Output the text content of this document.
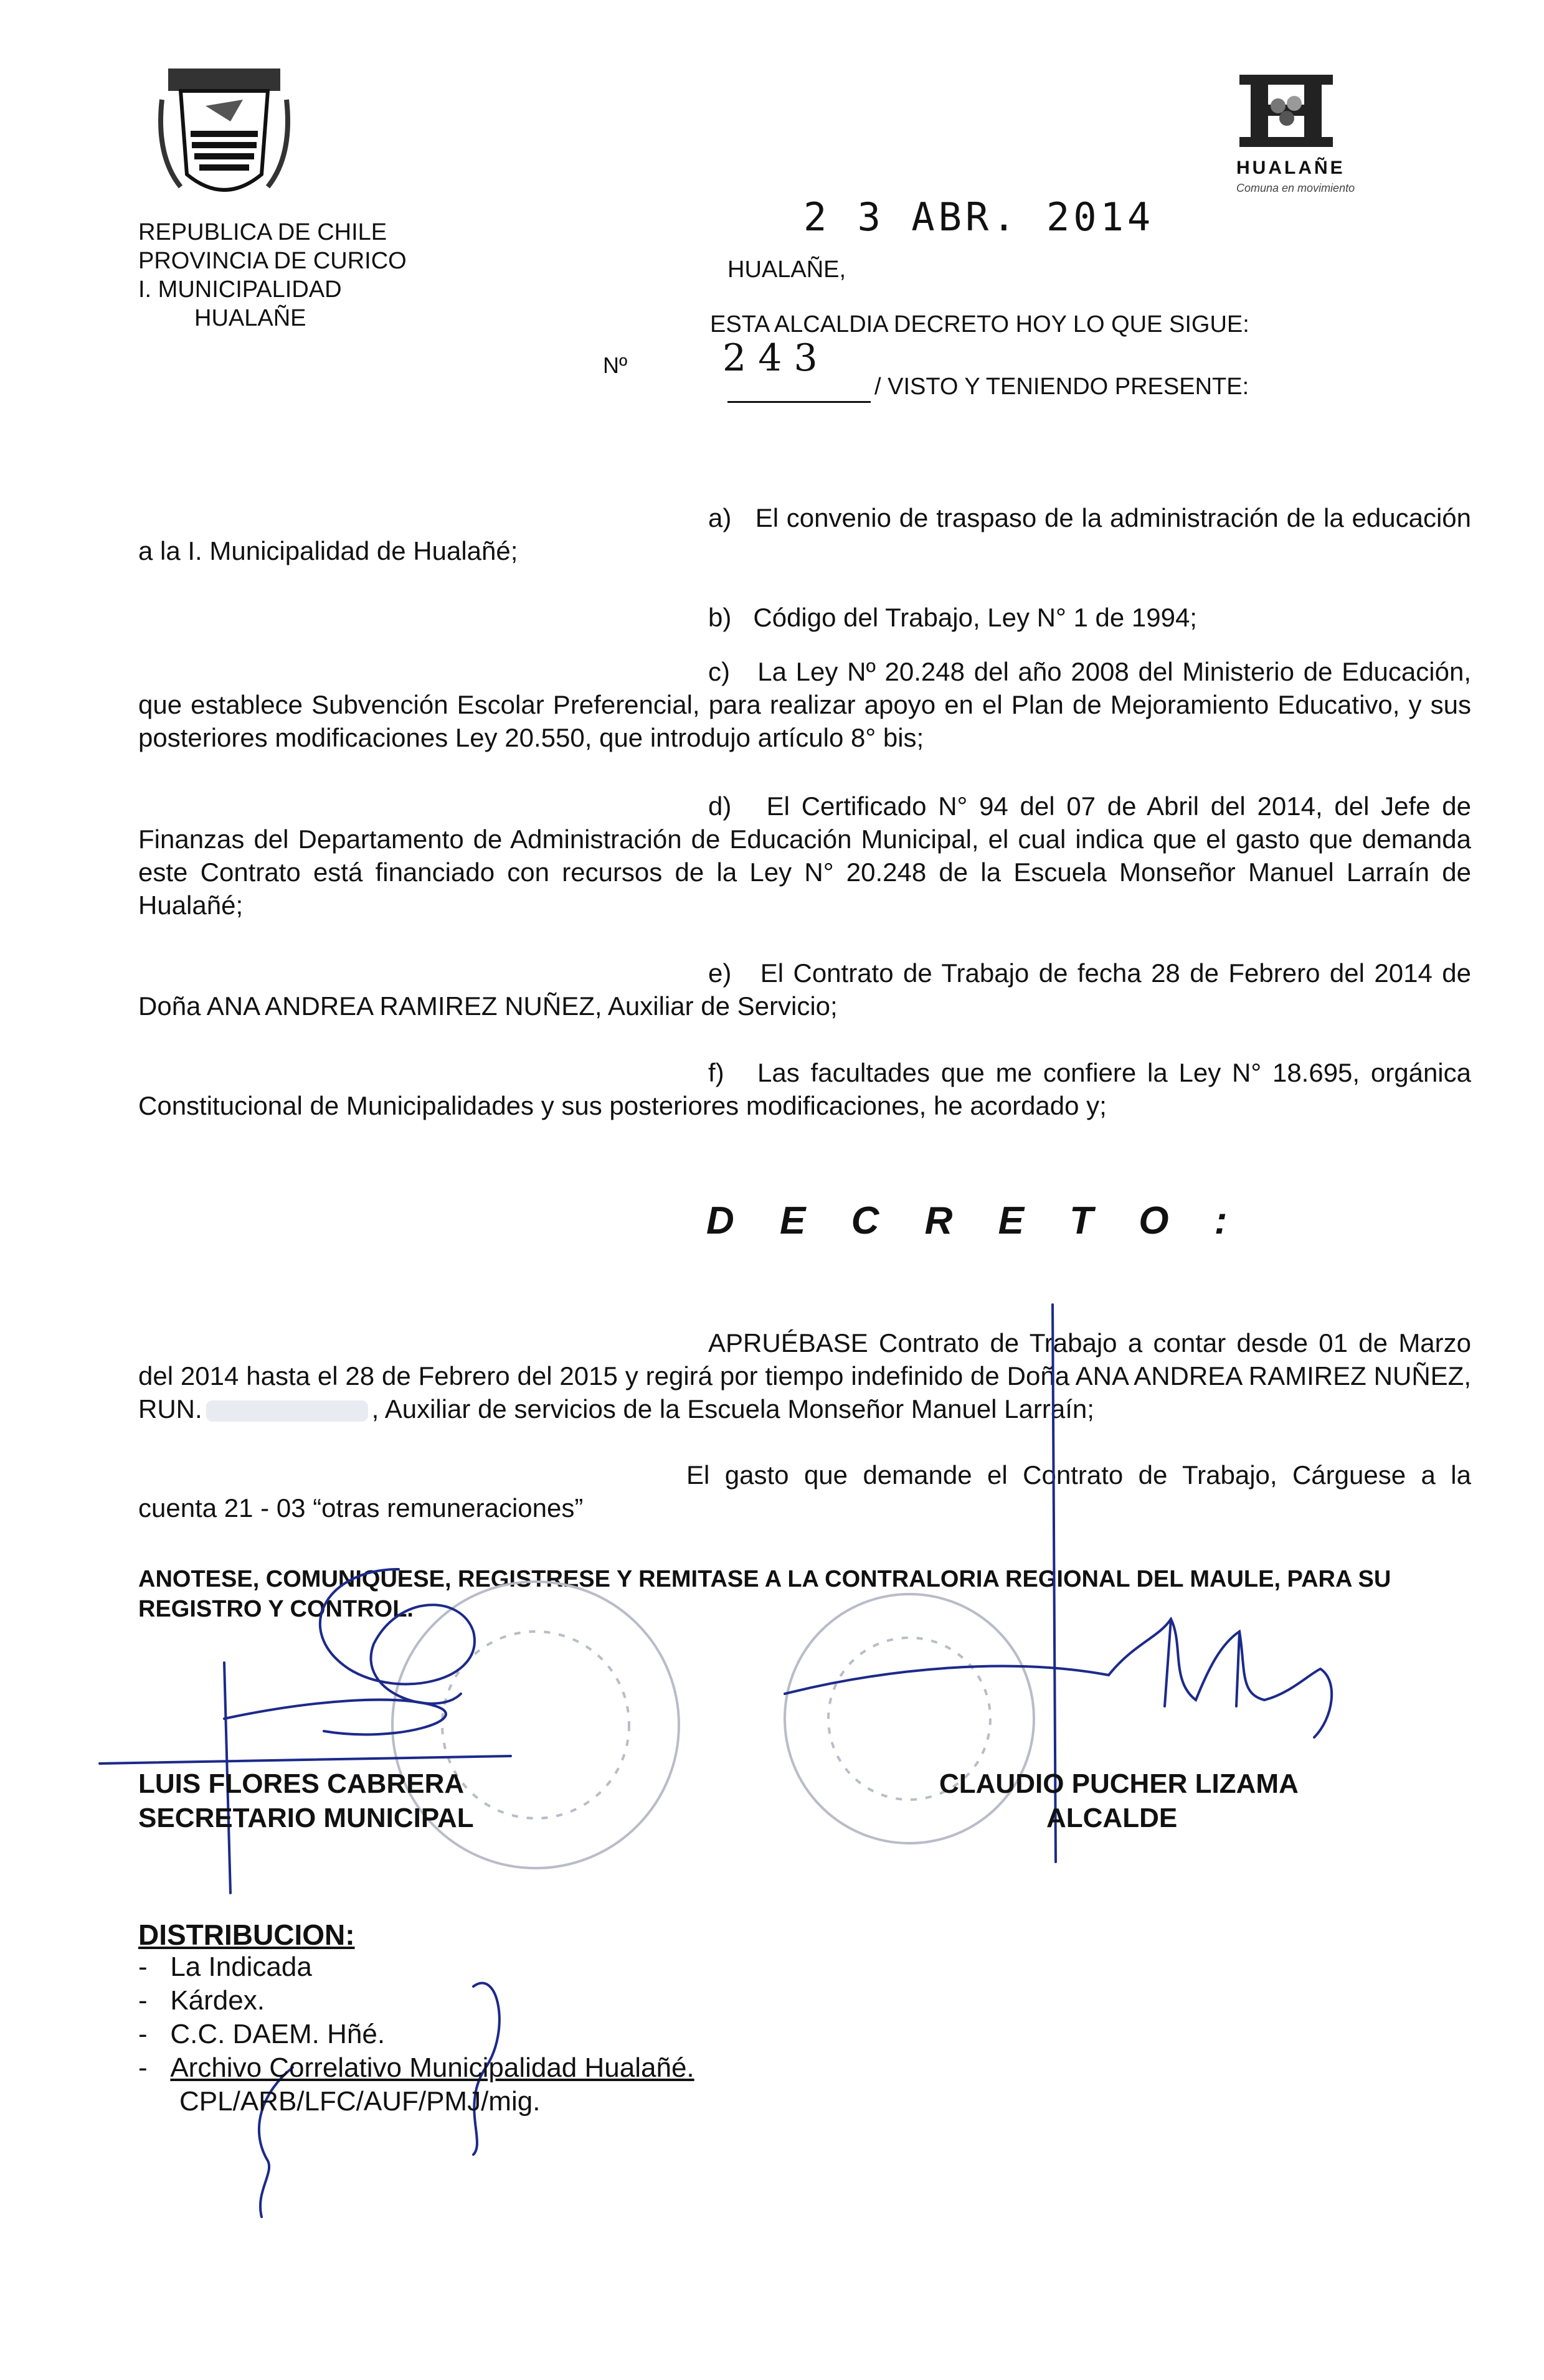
REPUBLICA DE CHILE
PROVINCIA DE CURICO
I. MUNICIPALIDAD
HUALAÑE
HUALAÑE
Comuna en movimiento
2 3 ABR. 2014
HUALAÑE,
ESTA ALCALDIA DECRETO HOY LO QUE SIGUE:
Nº	2 4 3
/ VISTO Y TENIENDO PRESENTE:
a) El convenio de traspaso de la administración de la educación a la I. Municipalidad de Hualañé;
b) Código del Trabajo, Ley N° 1 de 1994;
c) La Ley Nº 20.248 del año 2008 del Ministerio de Educación, que establece Subvención Escolar Preferencial, para realizar apoyo en el Plan de Mejoramiento Educativo, y sus posteriores modificaciones Ley 20.550, que introdujo artículo 8° bis;
d) El Certificado N° 94 del 07 de Abril del 2014, del Jefe de Finanzas del Departamento de Administración de Educación Municipal, el cual indica que el gasto que demanda este Contrato está financiado con recursos de la Ley N° 20.248 de la Escuela Monseñor Manuel Larraín de Hualañé;
e) El Contrato de Trabajo de fecha 28 de Febrero del 2014 de Doña ANA ANDREA RAMIREZ NUÑEZ, Auxiliar de Servicio;
f) Las facultades que me confiere la Ley N° 18.695, orgánica Constitucional de Municipalidades y sus posteriores modificaciones, he acordado y;
D E C R E T O :
APRUÉBASE Contrato de Trabajo a contar desde 01 de Marzo del 2014 hasta el 28 de Febrero del 2015 y regirá por tiempo indefinido de Doña ANA ANDREA RAMIREZ NUÑEZ, RUN.	, Auxiliar de servicios de la Escuela Monseñor Manuel Larraín;
El gasto que demande el Contrato de Trabajo, Cárguese a la cuenta 21 - 03 “otras remuneraciones”
ANOTESE, COMUNIQUESE, REGISTRESE Y REMITASE A LA CONTRALORIA REGIONAL DEL MAULE, PARA SU REGISTRO Y CONTROL.
LUIS FLORES CABRERA
SECRETARIO MUNICIPAL
CLAUDIO PUCHER LIZAMA
ALCALDE
DISTRIBUCION:
-   La Indicada
-   Kárdex.
-   C.C. DAEM. Hñé.
-   Archivo Correlativo Municipalidad Hualañé.
CPL/ARB/LFC/AUF/PMJ/mig.
